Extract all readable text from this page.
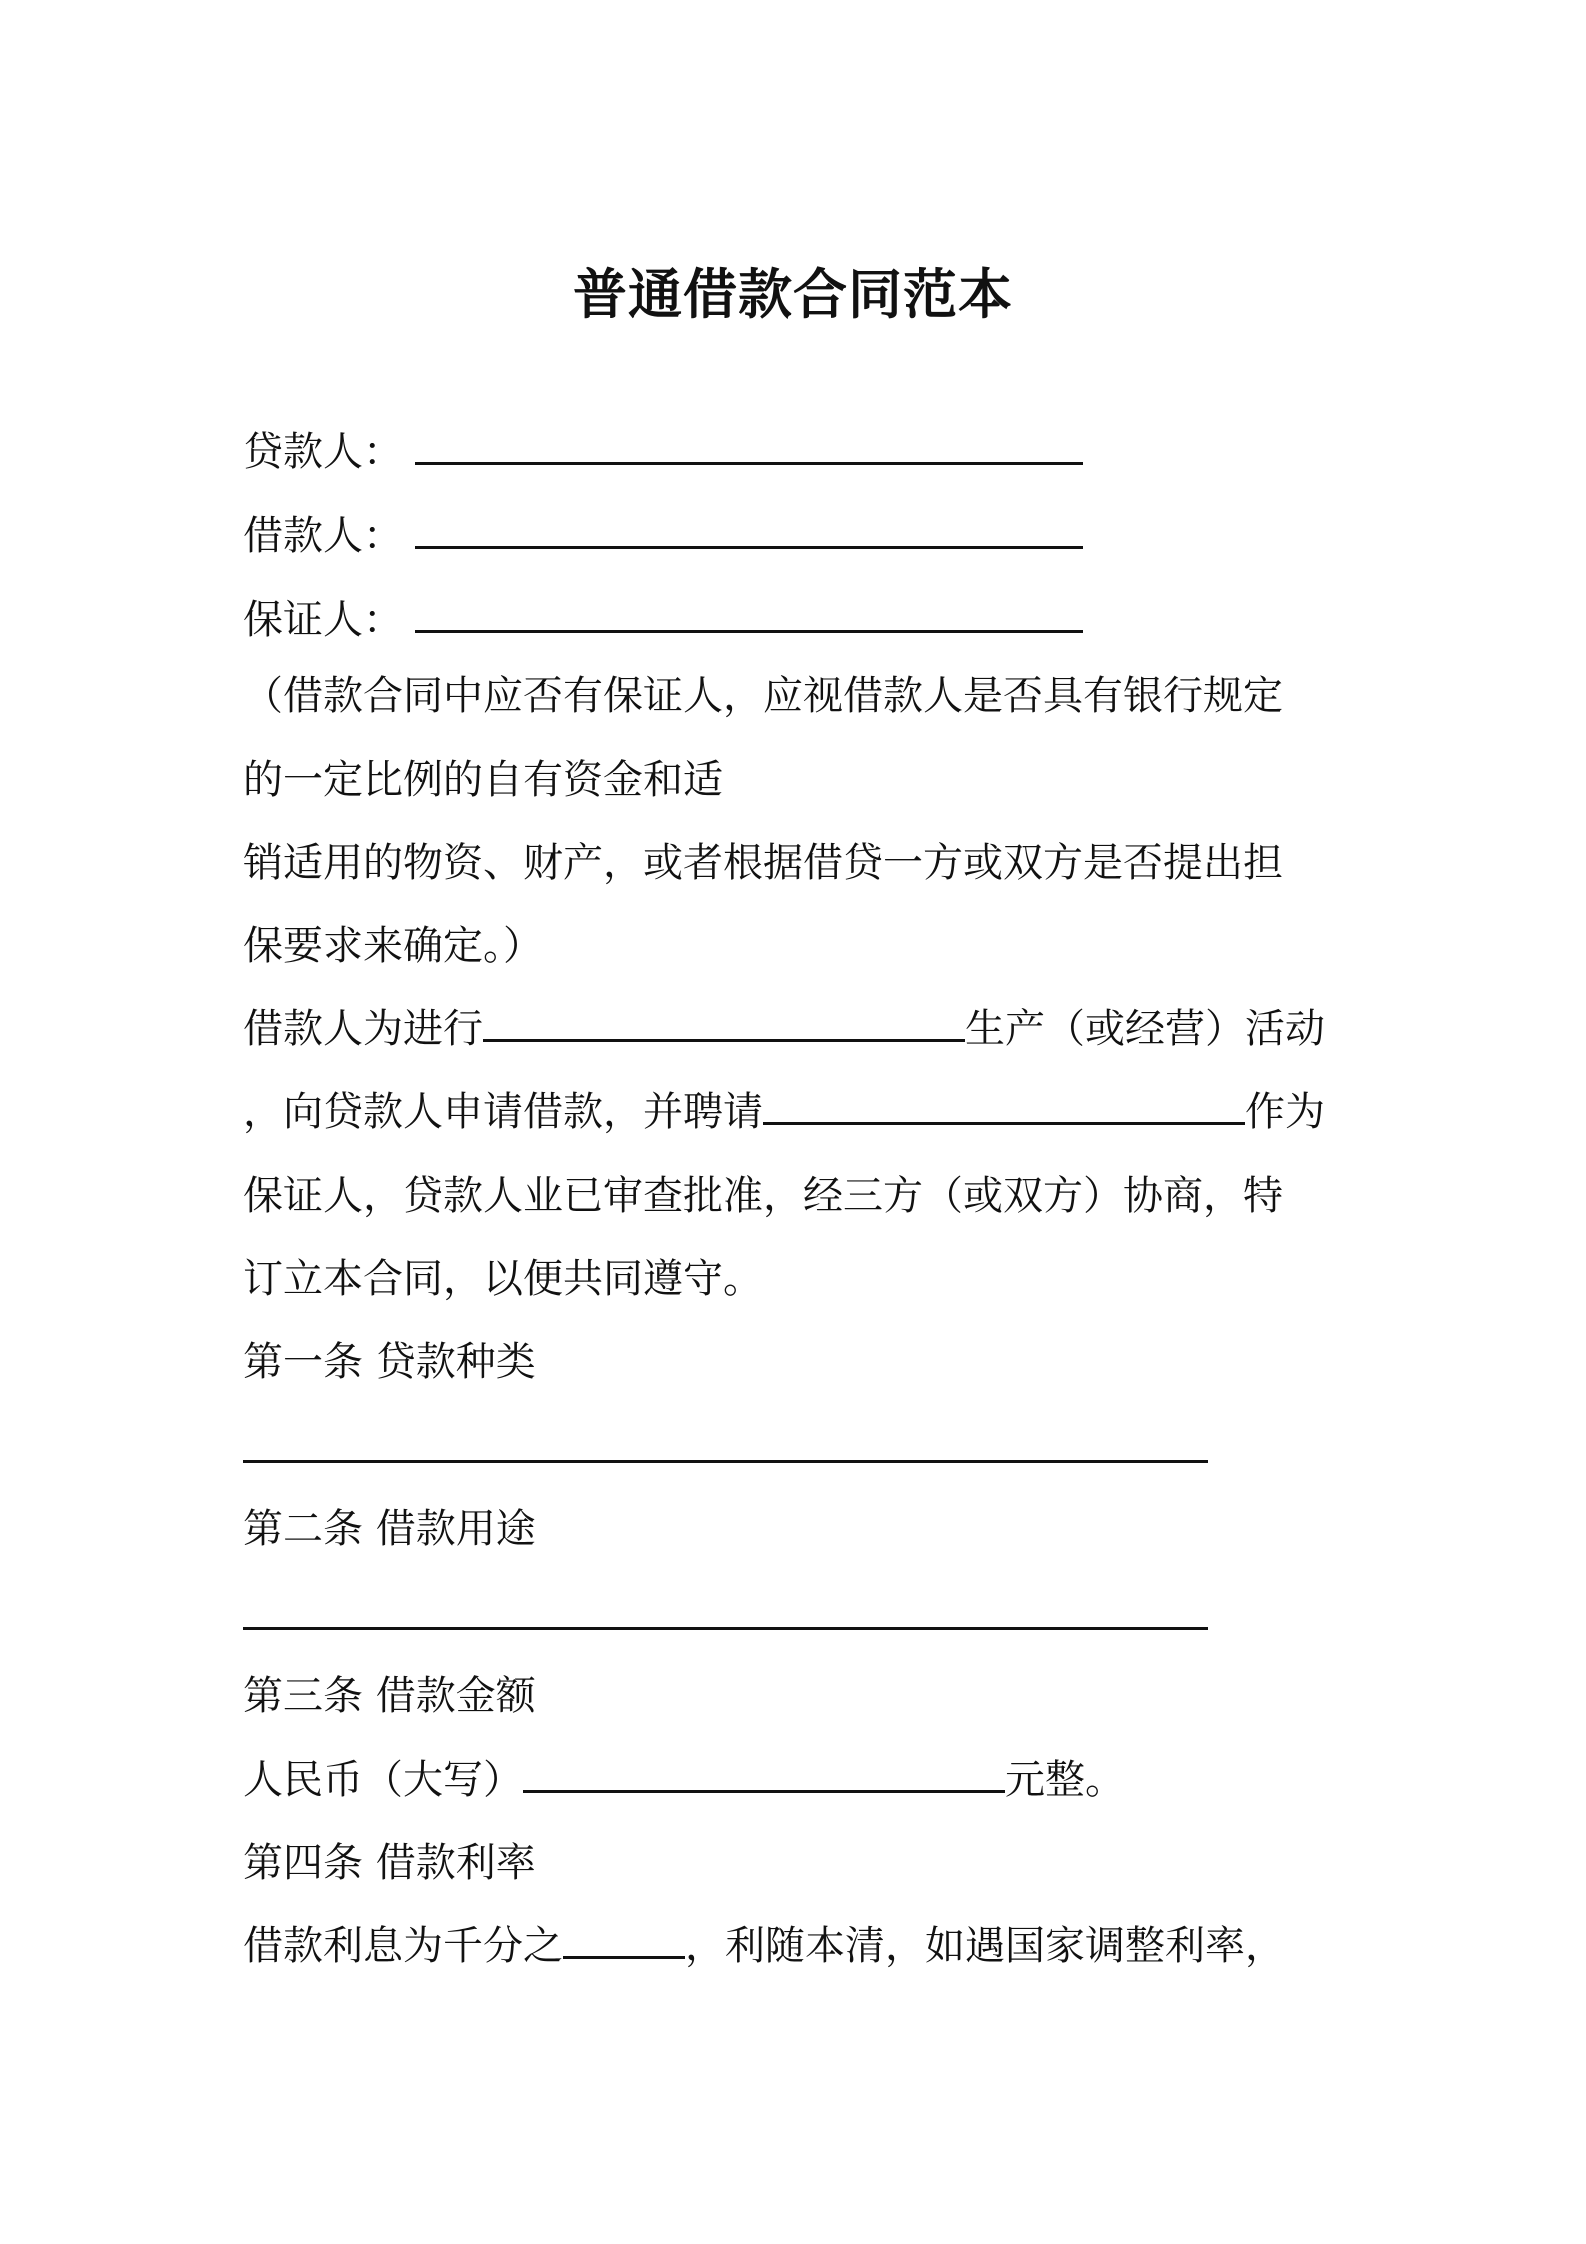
普通借款合同范本
贷款人：
借款人：
保证人：
（借款合同中应否有保证人，应视借款人是否具有银行规定
的一定比例的自有资金和适
销适用的物资、财产，或者根据借贷一方或双方是否提出担
保要求来确定。）
借款人为进行	生产（或经营）活动
，向贷款人申请借款，并聘请	作为
保证人，贷款人业已审查批准，经三方（或双方）协商，特
订立本合同，以便共同遵守。
第一条 贷款种类
第二条 借款用途
第三条 借款金额
人民币（大写）	元整。
第四条 借款利率
借款利息为千分之	，利随本清，如遇国家调整利率，
